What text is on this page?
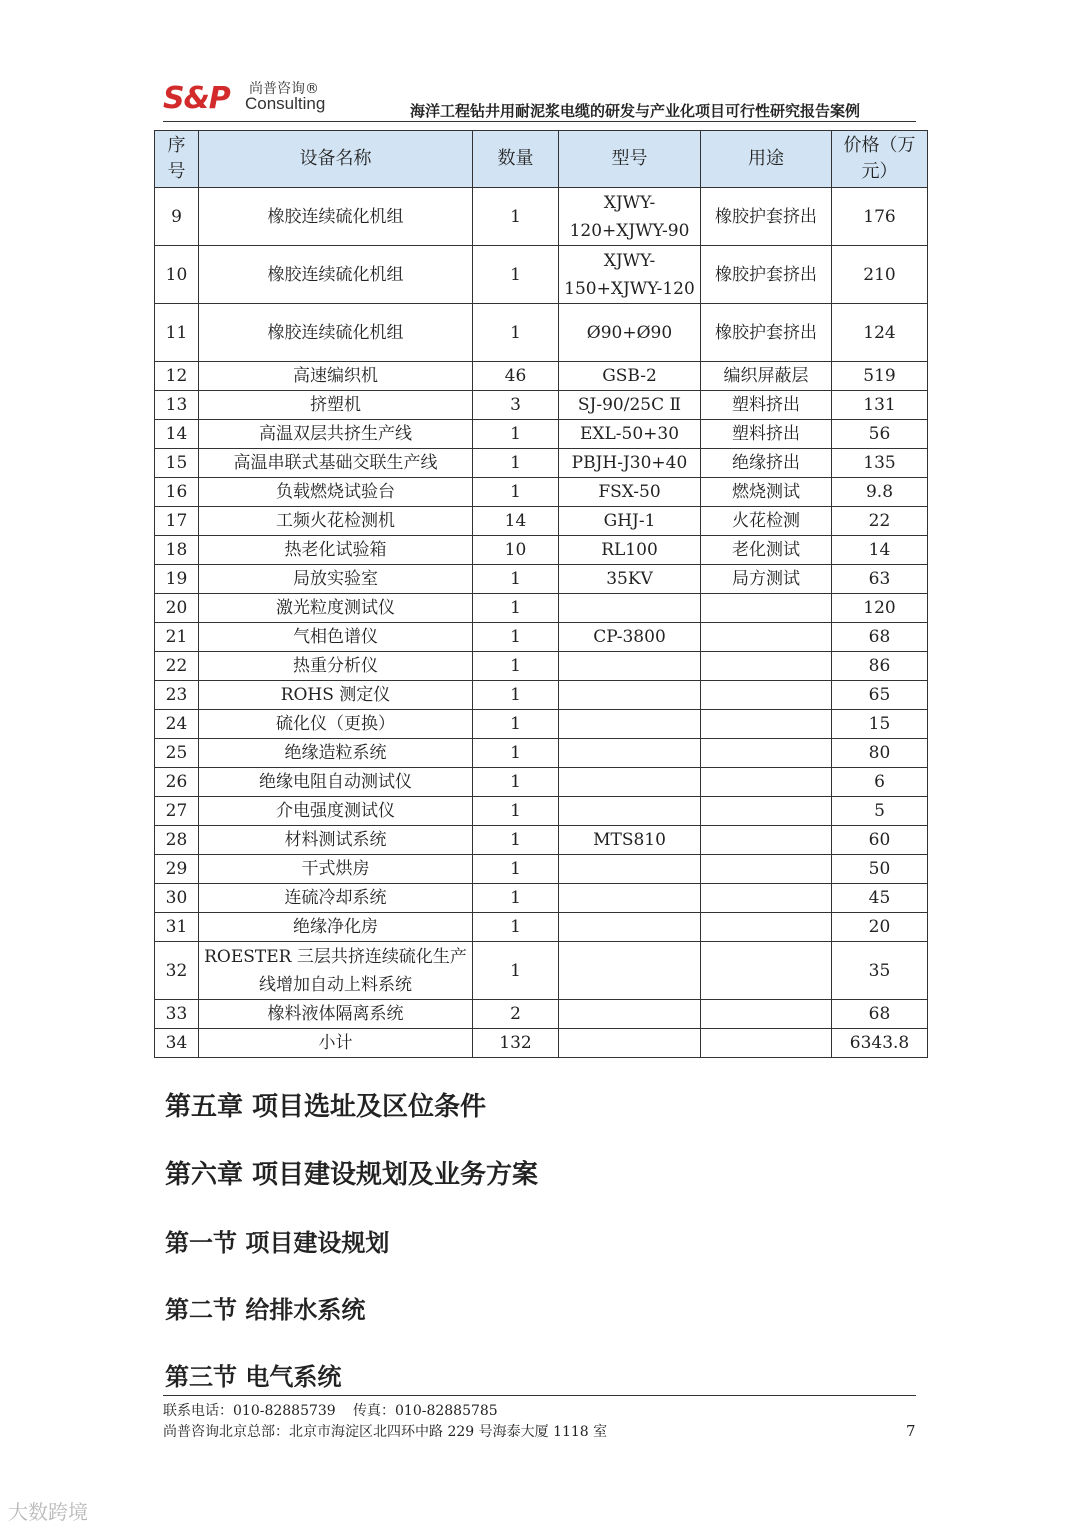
S&P 尚普咨询®
Consulting	海洋工程钻井用耐泥浆电缆的研发与产业化项目可行性研究报告案例
序号	设备名称	数量	型号	用途	价格（万元）
9	橡胶连续硫化机组	1	XJWY-120+XJWY-90	橡胶护套挤出	176
10	橡胶连续硫化机组	1	XJWY-150+XJWY-120	橡胶护套挤出	210
11	橡胶连续硫化机组	1	Ø90+Ø90	橡胶护套挤出	124
12	高速编织机	46	GSB-2	编织屏蔽层	519
13	挤塑机	3	SJ-90/25C Ⅱ	塑料挤出	131
14	高温双层共挤生产线	1	EXL-50+30	塑料挤出	56
15	高温串联式基础交联生产线	1	PBJH-J30+40	绝缘挤出	135
16	负载燃烧试验台	1	FSX-50	燃烧测试	9.8
17	工频火花检测机	14	GHJ-1	火花检测	22
18	热老化试验箱	10	RL100	老化测试	14
19	局放实验室	1	35KV	局方测试	63
20	激光粒度测试仪	1			120
21	气相色谱仪	1	CP-3800		68
22	热重分析仪	1			86
23	ROHS 测定仪	1			65
24	硫化仪（更换）	1			15
25	绝缘造粒系统	1			80
26	绝缘电阻自动测试仪	1			6
27	介电强度测试仪	1			5
28	材料测试系统	1	MTS810		60
29	干式烘房	1			50
30	连硫冷却系统	1			45
31	绝缘净化房	1			20
32	ROESTER 三层共挤连续硫化生产线增加自动上料系统	1			35
33	橡料液体隔离系统	2			68
34	小计	132			6343.8
第五章 项目选址及区位条件
第六章 项目建设规划及业务方案
第一节 项目建设规划
第二节 给排水系统
第三节 电气系统
联系电话：010-82885739 传真：010-82885785
尚普咨询北京总部：北京市海淀区北四环中路 229 号海泰大厦 1118 室	7
大数跨境
